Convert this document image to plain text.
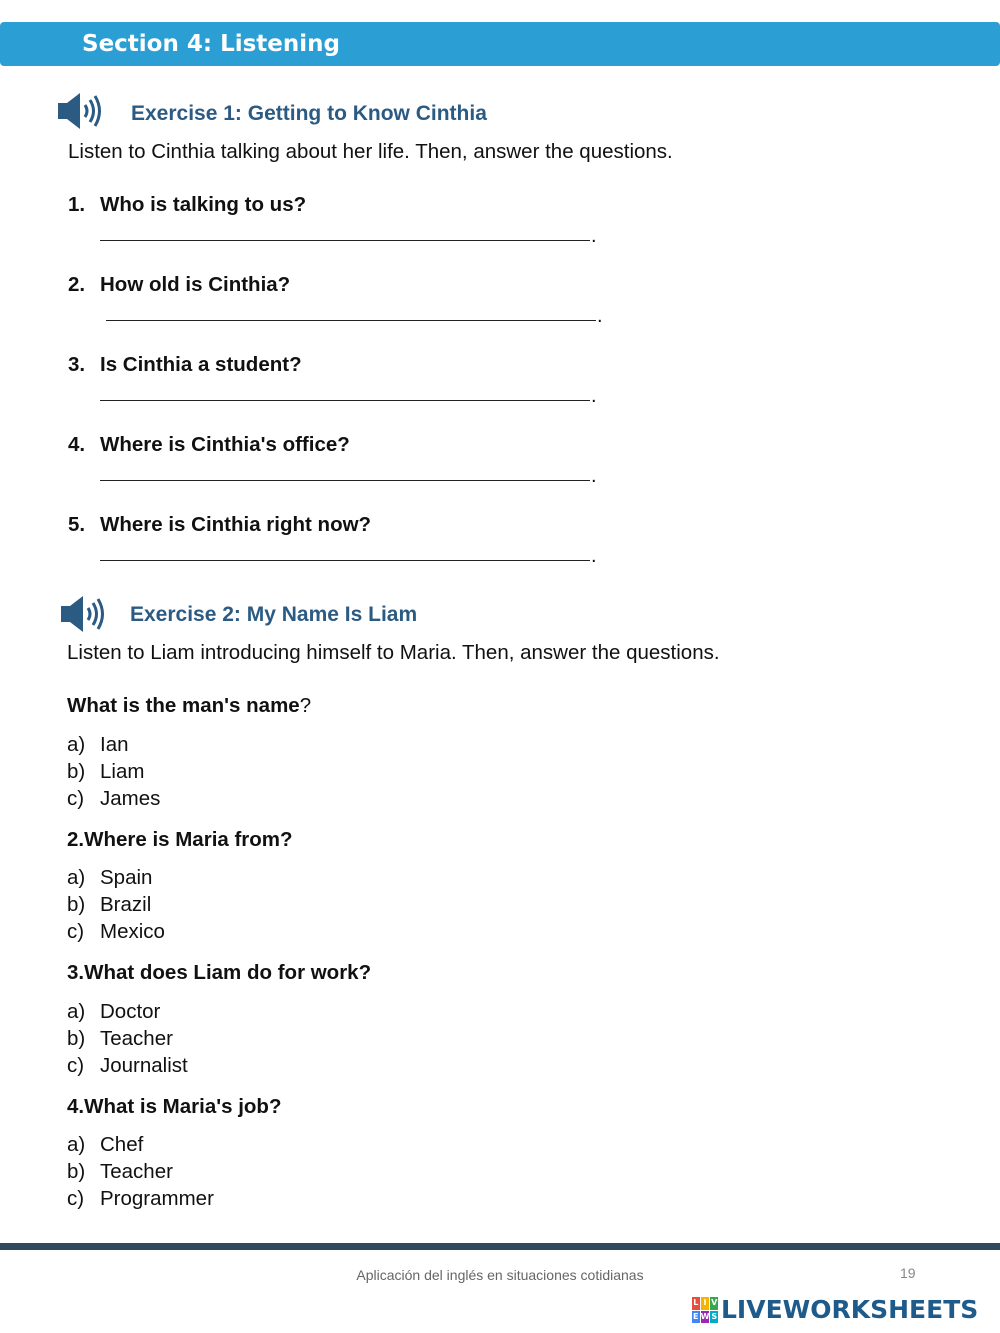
Section 4: Listening
Exercise 1: Getting to Know Cinthia
Listen to Cinthia talking about her life. Then, answer the questions.
1. Who is talking to us?
.
2. How old is Cinthia?
.
3. Is Cinthia a student?
.
4. Where is Cinthia's office?
.
5. Where is Cinthia right now?
.
Exercise 2: My Name Is Liam
Listen to Liam introducing himself to Maria. Then, answer the questions.
What is the man's name?
a) Ian
b) Liam
c) James
2.Where is Maria from?
a) Spain
b) Brazil
c) Mexico
3.What does Liam do for work?
a) Doctor
b) Teacher
c) Journalist
4.What is Maria's job?
a) Chef
b) Teacher
c) Programmer
Aplicación del inglés en situaciones cotidianas	19
L I V
E W S LIVEWORKSHEETS
